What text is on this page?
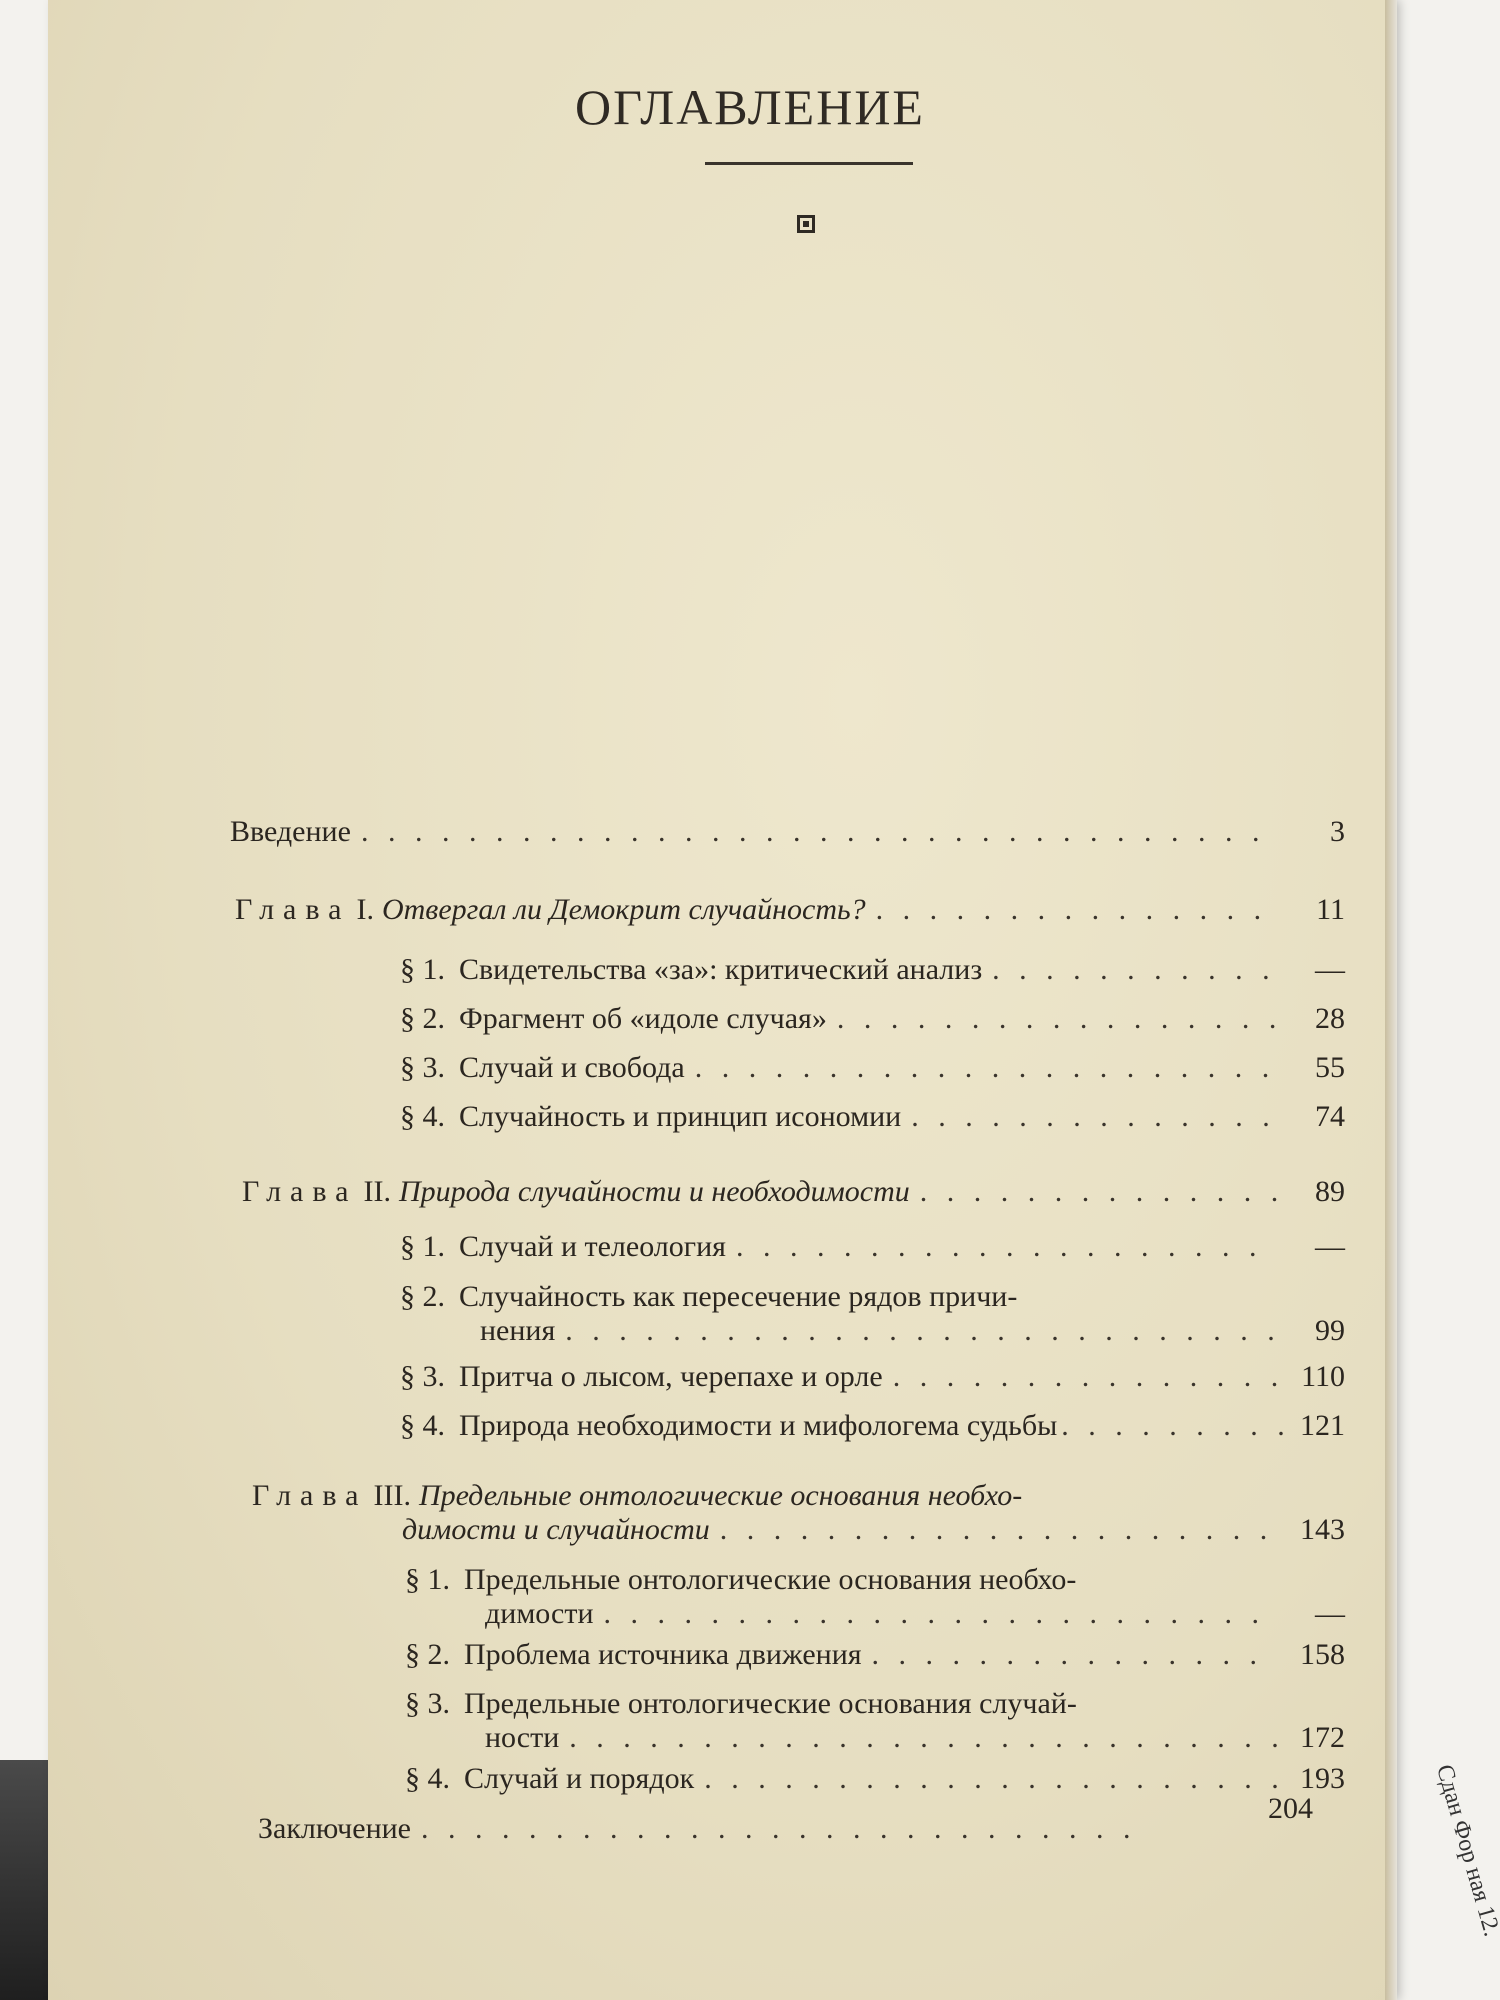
ОГЛАВЛЕНИЕ
Введение . . .	3
Глава I. Отвергал ли Демокрит случайность? . . .	11
§ 1. Свидетельства «за»: критический анализ . . .	—
§ 2. Фрагмент об «идоле случая» . . .	28
§ 3. Случай и свобода . . .	55
§ 4. Случайность и принцип исономии . . .	74
Глава II. Природа случайности и необходимости . . .	89
§ 1. Случай и телеология . . .	—
§ 2. Случайность как пересечение рядов причи-
нения . . .	99
§ 3. Притча о лысом, черепахе и орле . . .	110
§ 4. Природа необходимости и мифологема судьбы . . .	121
Глава III. Предельные онтологические основания необхо-
димости и случайности . . .	143
§ 1. Предельные онтологические основания необхо-
димости . . .	—
§ 2. Проблема источника движения . . .	158
§ 3. Предельные онтологические основания случай-
ности . . .	172
§ 4. Случай и порядок . . .	193
Заключение
. . .
204
